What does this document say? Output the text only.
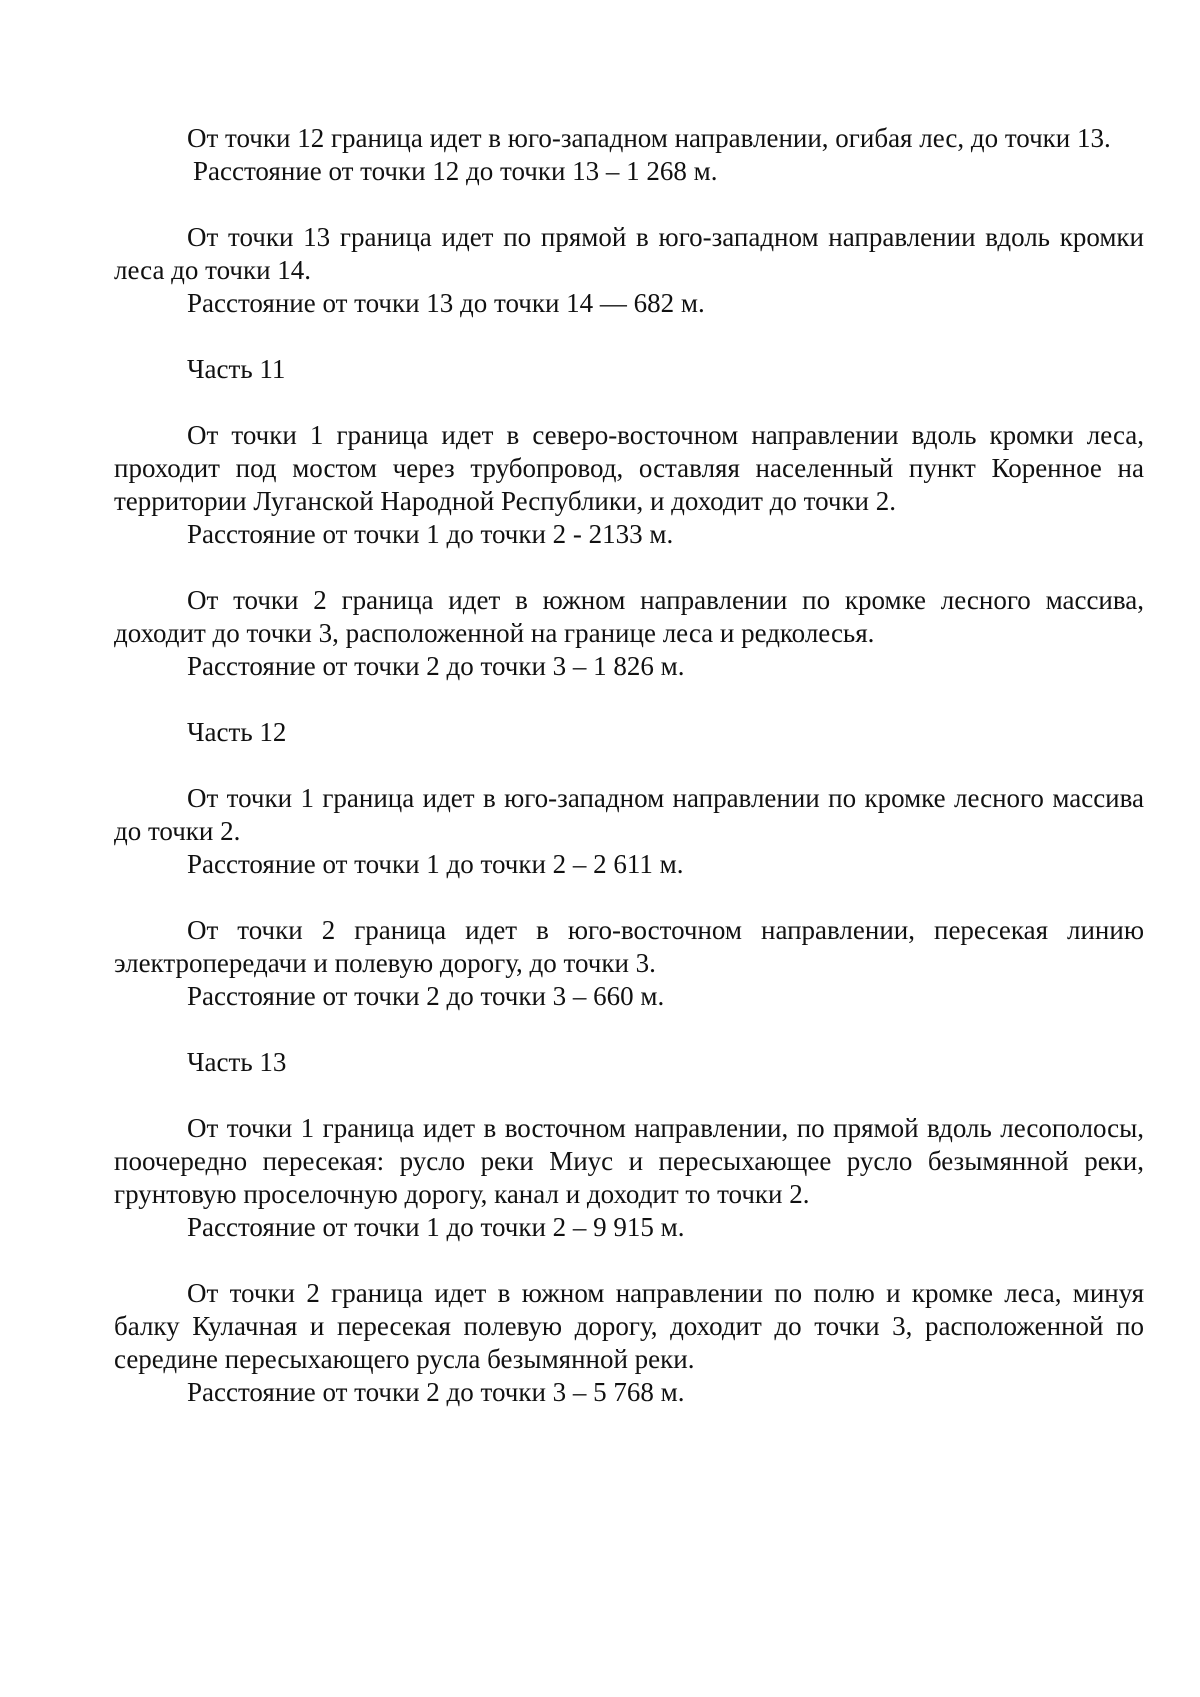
От точки 12 граница идет в юго-западном направлении, огибая лес, до точки 13.

Расстояние от точки 12 до точки 13 – 1 268 м.

От точки 13 граница идет по прямой в юго-западном направлении вдоль кромки леса до точки 14.

Расстояние от точки 13 до точки 14 — 682 м.

Часть 11

От точки 1 граница идет в северо-восточном направлении вдоль кромки леса, проходит под мостом через трубопровод, оставляя населенный пункт Коренное на территории Луганской Народной Республики, и доходит до точки 2.

Расстояние от точки 1 до точки 2 - 2133 м.

От точки 2 граница идет в южном направлении по кромке лесного массива, доходит до точки 3, расположенной на границе леса и редколесья.

Расстояние от точки 2 до точки 3 – 1 826 м.

Часть 12

От точки 1 граница идет в юго-западном направлении по кромке лесного массива до точки 2.

Расстояние от точки 1 до точки 2 – 2 611 м.

От точки 2 граница идет в юго-восточном направлении, пересекая линию электропередачи и полевую дорогу, до точки 3.

Расстояние от точки 2 до точки 3 – 660 м.

Часть 13

От точки 1 граница идет в восточном направлении, по прямой вдоль лесополосы, поочередно пересекая: русло реки Миус и пересыхающее русло безымянной реки, грунтовую проселочную дорогу, канал и доходит то точки 2.

Расстояние от точки 1 до точки 2 – 9 915 м.

От точки 2 граница идет в южном направлении по полю и кромке леса, минуя балку Кулачная и пересекая полевую дорогу, доходит до точки 3, расположенной по середине пересыхающего русла безымянной реки.

Расстояние от точки 2 до точки 3 – 5 768 м.
